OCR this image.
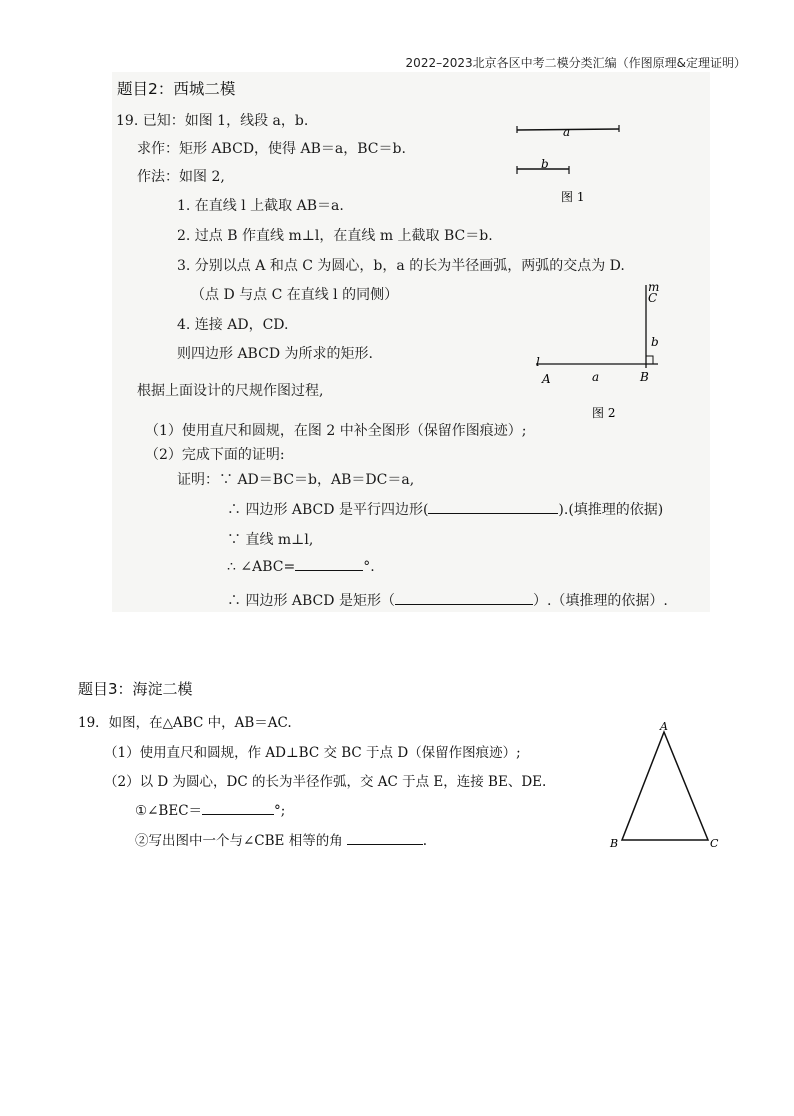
2022–2023北京各区中考二模分类汇编（作图原理&定理证明）
题目2：西城二模
19. 已知：如图 1，线段 a，b.
求作：矩形 ABCD，使得 AB＝a，BC＝b.
作法：如图 2,
1. 在直线 l 上截取 AB＝a.
2. 过点 B 作直线 m⊥l，在直线 m 上截取 BC＝b.
3. 分别以点 A 和点 C 为圆心，b，a 的长为半径画弧，两弧的交点为 D.
（点 D 与点 C 在直线 l 的同侧）
4. 连接 AD，CD.
则四边形 ABCD 为所求的矩形.
根据上面设计的尺规作图过程,
（1）使用直尺和圆规，在图 2 中补全图形（保留作图痕迹）;
（2）完成下面的证明:
证明：∵ AD＝BC＝b，AB＝DC＝a,
∴ 四边形 ABCD 是平行四边形(	).(填推理的依据)
∵ 直线 m⊥l,
∴ ∠ABC=	°.
∴ 四边形 ABCD 是矩形（	）.（填推理的依据）.
a
b
图 1
m
C
b
l
A	a	B
图 2
题目3：海淀二模
19．如图，在△ABC 中，AB＝AC.
（1）使用直尺和圆规，作 AD⊥BC 交 BC 于点 D（保留作图痕迹）;
（2）以 D 为圆心，DC 的长为半径作弧，交 AC 于点 E，连接 BE、DE.
①∠BEC＝	°;
②写出图中一个与∠CBE 相等的角	.
A
B	C
